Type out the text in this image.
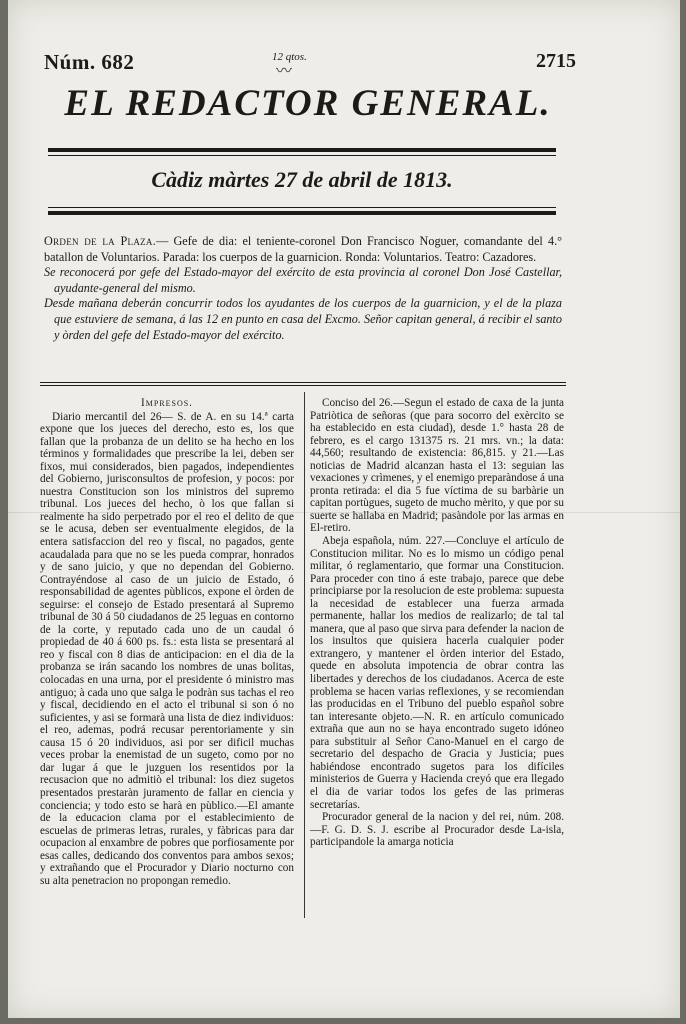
Núm. 682	12 qtos.
〰	2715
EL REDACTOR GENERAL.
Càdiz màrtes 27 de abril de 1813.

Orden de la Plaza.— Gefe de dia: el teniente-coronel Don Francisco Noguer, comandante del 4.° batallon de Voluntarios. Parada: los cuerpos de la guarnicion. Ronda: Voluntarios. Teatro: Cazadores.

Se reconocerá por gefe del Estado-mayor del exército de esta provincia al coronel Don José Castellar, ayudante-general del mismo.

Desde mañana deberán concurrir todos los ayudantes de los cuerpos de la guarnicion, y el de la plaza que estuviere de semana, á las 12 en punto en casa del Excmo. Señor capitan general, á recibir el santo y òrden del gefe del Estado-mayor del exército.

Impresos.

Diario mercantil del 26— S. de A. en su 14.ª carta expone que los jueces del derecho, esto es, los que fallan que la probanza de un delito se ha hecho en los términos y formalidades que prescribe la lei, deben ser fixos, mui considerados, bien pagados, independientes del Gobierno, jurisconsultos de profesion, y pocos: por nuestra Constitucion son los ministros del supremo tribunal. Los jueces del hecho, ò los que fallan si realmente ha sido perpetrado por el reo el delito de que se le acusa, deben ser eventualmente elegidos, de la entera satisfaccion del reo y fiscal, no pagados, gente acaudalada para que no se les pueda comprar, honrados y de sano juicio, y que no dependan del Gobierno. Contrayéndose al caso de un juicio de Estado, ó responsabilidad de agentes pùblicos, expone el òrden de seguirse: el consejo de Estado presentará al Supremo tribunal de 30 á 50 ciudadanos de 25 leguas en contorno de la corte, y reputado cada uno de un caudal ó propiedad de 40 á 600 ps. fs.: esta lista se presentará al reo y fiscal con 8 dias de anticipacion: en el dia de la probanza se irán sacando los nombres de unas bolitas, colocadas en una urna, por el presidente ó ministro mas antiguo; à cada uno que salga le podràn sus tachas el reo y fiscal, decidiendo en el acto el tribunal si son ó no suficientes, y asi se formarà una lista de diez individuos: el reo, ademas, podrá recusar perentoriamente y sin causa 15 ó 20 individuos, asi por ser dificil muchas veces probar la enemistad de un sugeto, como por no dar lugar á que le juzguen los resentidos por la recusacion que no admitiò el tribunal: los diez sugetos presentados prestaràn juramento de fallar en ciencia y conciencia; y todo esto se harà en pùblico.—El amante de la educacion clama por el establecimiento de escuelas de primeras letras, rurales, y fàbricas para dar ocupacion al enxambre de pobres que porfiosamente por esas calles, dedicando dos conventos para ambos sexos; y extrañando que el Procurador y Diario nocturno con su alta penetracion no propongan remedio.

Conciso del 26.—Segun el estado de caxa de la junta Patriòtica de señoras (que para socorro del exèrcito se ha establecido en esta ciudad), desde 1.° hasta 28 de febrero, es el cargo 131375 rs. 21 mrs. vn.; la data: 44,560; resultando de existencia: 86,815. y 21.—Las noticias de Madrid alcanzan hasta el 13: seguian las vexaciones y crìmenes, y el enemigo preparàndose á una pronta retirada: el dia 5 fue víctima de su barbàrie un capitan portùgues, sugeto de mucho mèrito, y que por su suerte se hallaba en Madrid; pasàndole por las armas en El-retiro.

Abeja española, núm. 227.—Concluye el artículo de Constitucion militar. No es lo mismo un código penal militar, ó reglamentario, que formar una Constitucion. Para proceder con tino á este trabajo, parece que debe principiarse por la resolucion de este problema: supuesta la necesidad de establecer una fuerza armada permanente, hallar los medios de realizarlo; de tal tal manera, que al paso que sirva para defender la nacion de los insultos que quisiera hacerla cualquier poder extrangero, y mantener el òrden interior del Estado, quede en absoluta impotencia de obrar contra las libertades y derechos de los ciudadanos. Acerca de este problema se hacen varias reflexiones, y se recomiendan las producidas en el Tribuno del pueblo español sobre tan interesante objeto.—N. R. en artículo comunicado extraña que aun no se haya encontrado sugeto idóneo para substituir al Señor Cano-Manuel en el cargo de secretario del despacho de Gracia y Justicia; pues habiéndose encontrado sugetos para los difíciles ministerios de Guerra y Hacienda creyó que era llegado el dia de variar todos los gefes de las primeras secretarías.

Procurador general de la nacion y del rei, núm. 208.—F. G. D. S. J. escribe al Procurador desde La-isla, participandole la amarga noticia
